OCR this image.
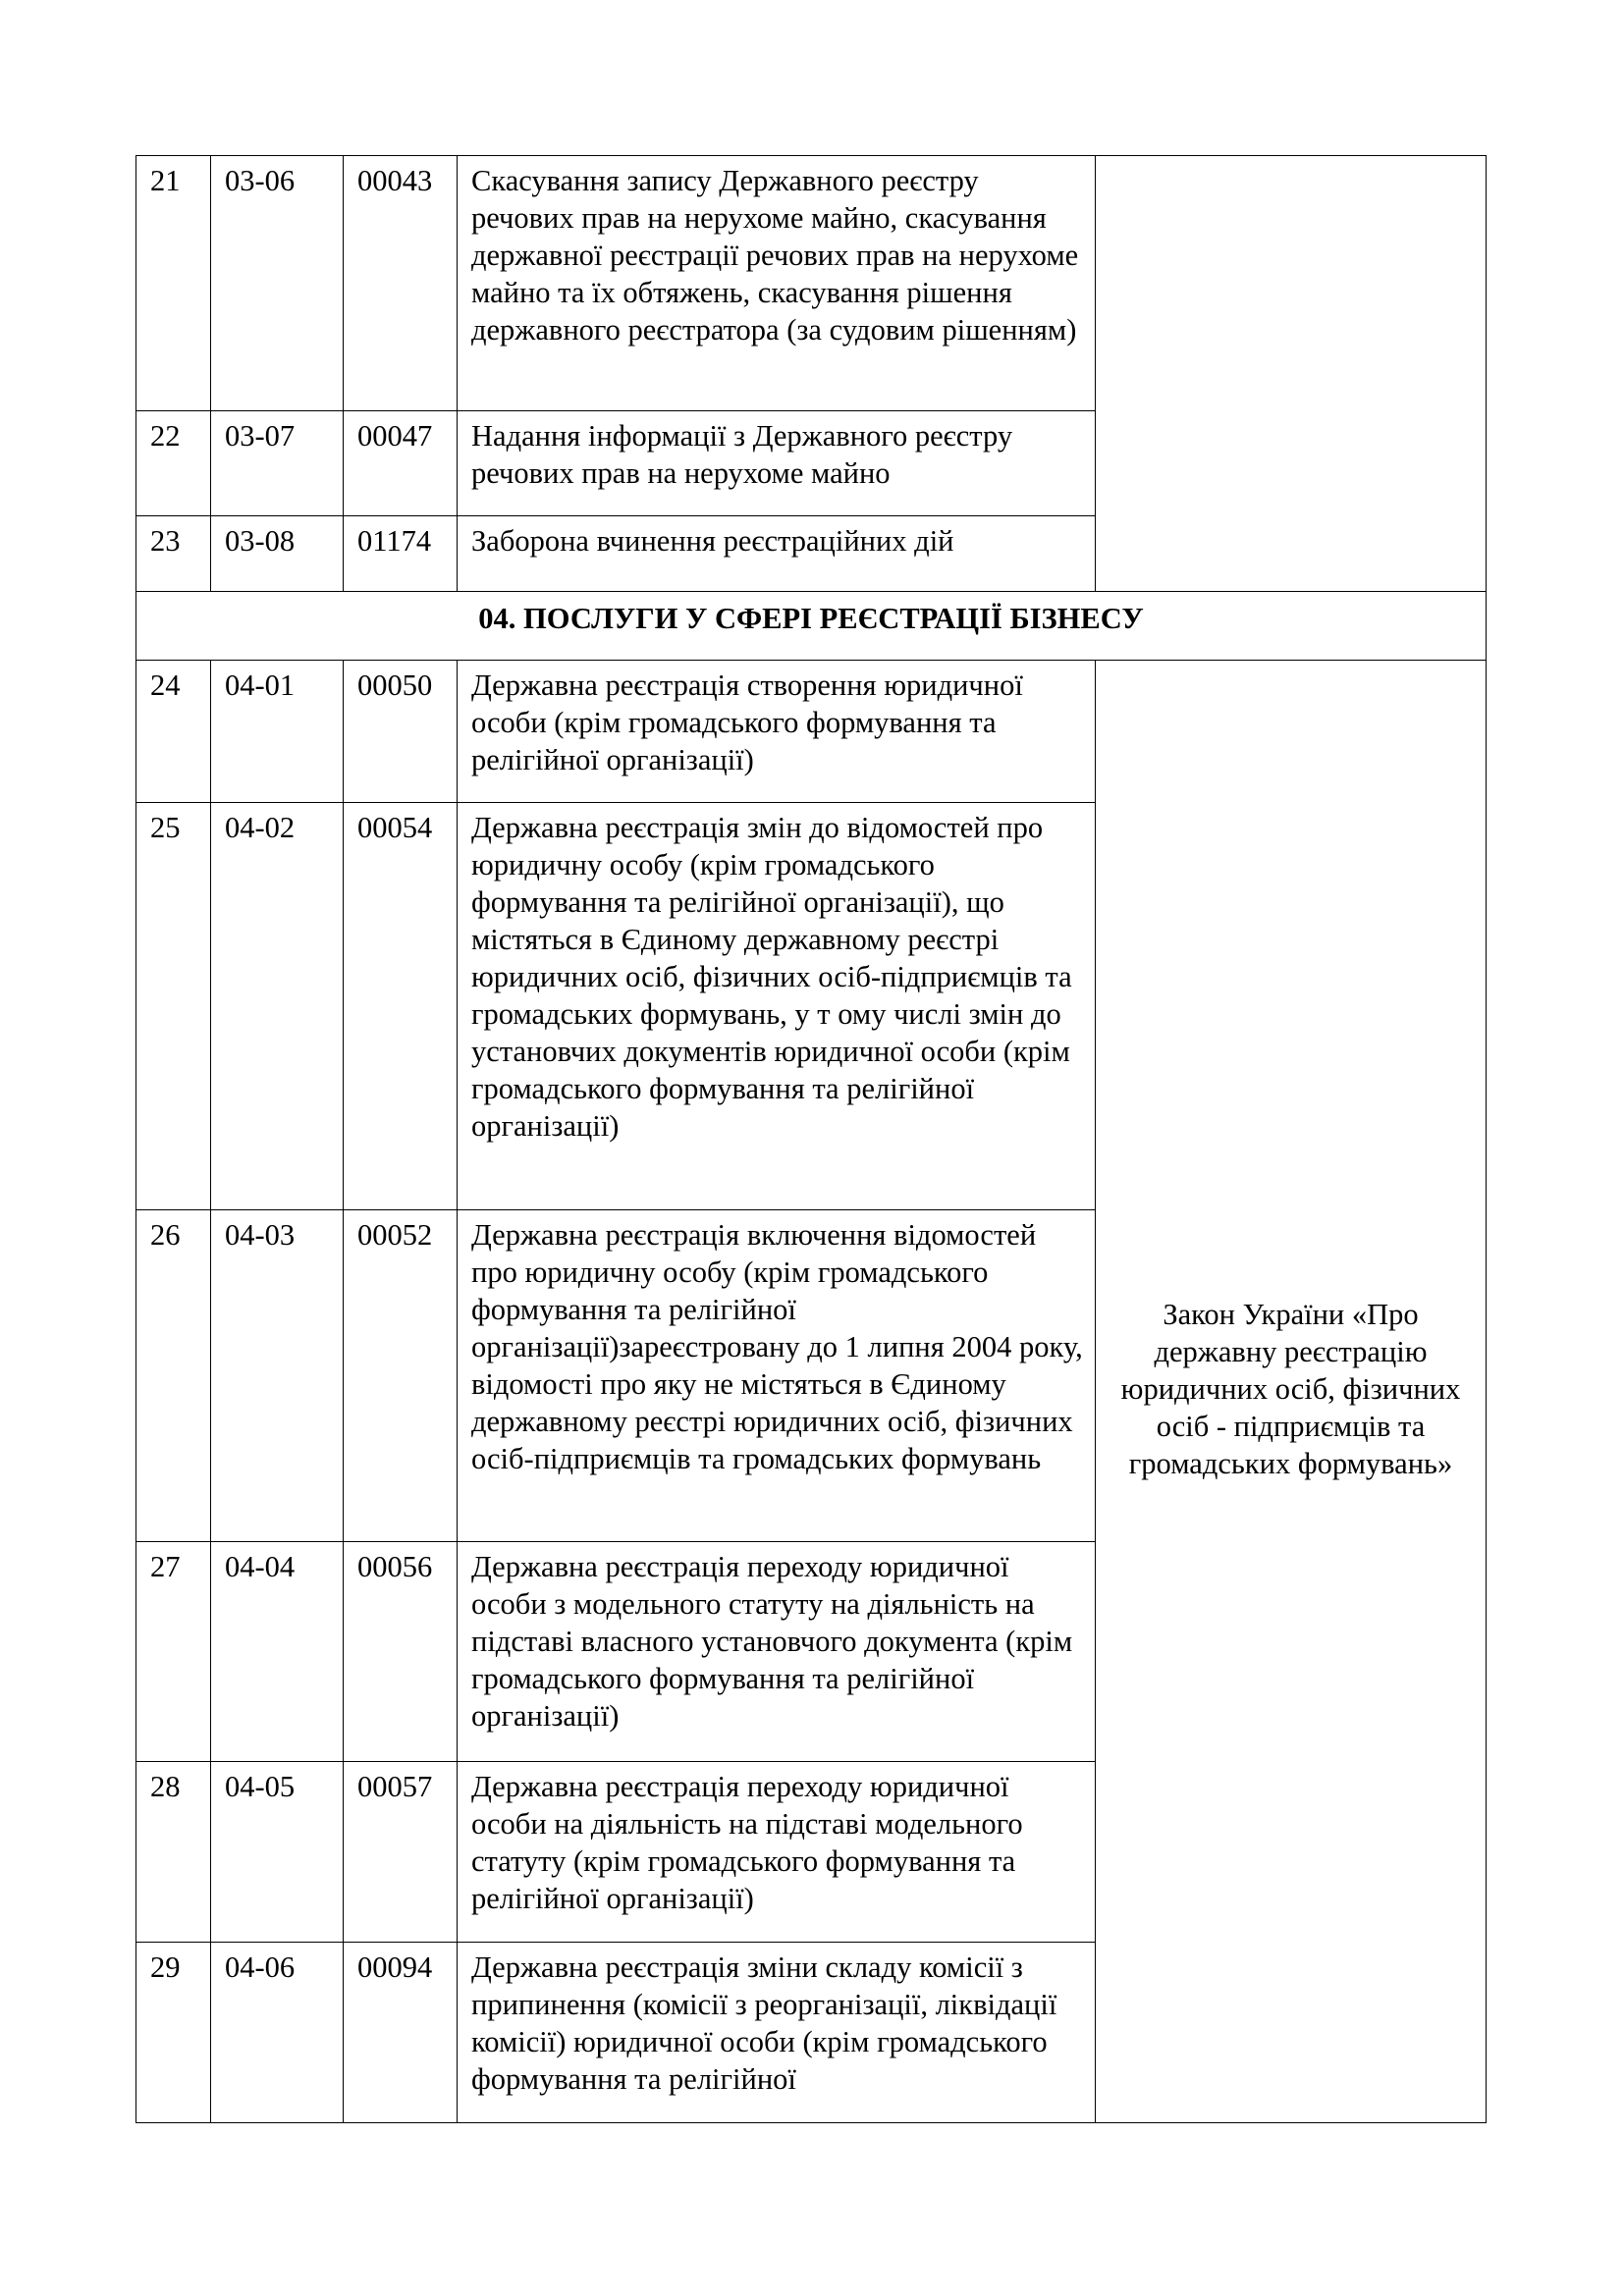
21	03-06	00043	Скасування запису Державного реєстру речових прав на нерухоме майно, скасування державної реєстрації речових прав на нерухоме майно та їх обтяжень, скасування рішення державного реєстратора (за судовим рішенням)	
22	03-07	00047	Надання інформації з Державного реєстру речових прав на нерухоме майно	
23	03-08	01174	Заборона вчинення реєстраційних дій	
04. ПОСЛУГИ У СФЕРІ РЕЄСТРАЦІЇ БІЗНЕСУ				
24	04-01	00050	Державна реєстрація створення юридичної особи (крім громадського формування та релігійної організації)	Закон України «Про державну реєстрацію юридичних осіб, фізичних осіб - підприємців та громадських формувань»
25	04-02	00054	Державна реєстрація змін до відомостей про юридичну особу (крім громадського формування та релігійної організації), що містяться в Єдиному державному реєстрі юридичних осіб, фізичних осіб-підприємців та громадських формувань, у т ому числі змін до установчих документів юридичної особи (крім громадського формування та релігійної організації)	
26	04-03	00052	Державна реєстрація включення відомостей про юридичну особу (крім громадського формування та релігійної організації)зареєстровану до 1 липня 2004 року, відомості про яку не містяться в Єдиному державному реєстрі юридичних осіб, фізичних осіб-підприємців та громадських формувань	
27	04-04	00056	Державна реєстрація переходу юридичної особи з модельного статуту на діяльність на підставі власного установчого документа (крім громадського формування та релігійної організації)	
28	04-05	00057	Державна реєстрація переходу юридичної особи на діяльність на підставі модельного статуту (крім громадського формування та релігійної організації)	
29	04-06	00094	Державна реєстрація зміни складу комісії з припинення (комісії з реорганізації, ліквідації комісії) юридичної особи (крім громадського формування та релігійної	
